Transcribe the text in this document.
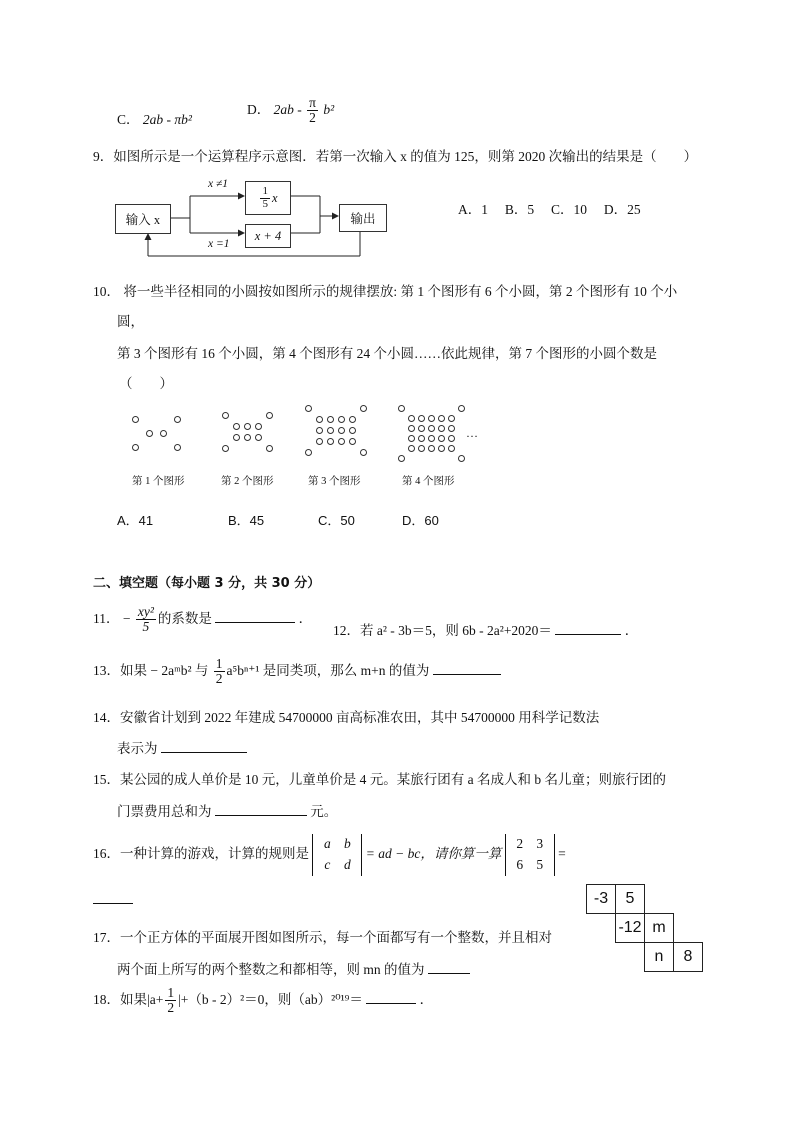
C． 2ab - πb²
D． $2ab - \frac{\pi}{2} b^2$
9．如图所示是一个运算程序示意图．若第一次输入 x 的值为 125，则第 2020 次输出的结果是（　　）
输入 x
x ≠1
$\frac{1}{5}$ x
x =1
x + 4
输出
A．1　 B．5　 C．10　 D．25
10． 将一些半径相同的小圆按如图所示的规律摆放: 第 1 个图形有 6 个小圆，第 2 个图形有 10 个小
圆，
第 3 个图形有 16 个小圆，第 4 个图形有 24 个小圆……依此规律，第 7 个图形的小圆个数是
（　　）
…
第 1 个图形	第 2 个图形	第 3 个图形	第 4 个图形
A．41	B．45	C．50	D．60
二、填空题（每小题 3 分，共 30 分）
11． − $\frac{\text{xy²}}{5}$ 的系数是	．
12．若 a² - 3b＝5，则 6b - 2a²+2020＝	．
13．如果 − 2aᵐb² 与 $\frac{1}{2} a^5b^{n+1}$ 是同类项，那么 m+n 的值为
14．安徽省计划到 2022 年建成 54700000 亩高标准农田，其中 54700000 用科学记数法
表示为
15．某公园的成人单价是 10 元，儿童单价是 4 元。某旅行团有 a 名成人和 b 名儿童；则旅行团的
门票费用总和为	元。
16．一种计算的游戏，计算的规则是 a b
c d = ad − bc，请你算一算 2 3
6 5 =
-3	5
-12 m
n	8
17．一个正方体的平面展开图如图所示，每一个面都写有一个整数，并且相对
两个面上所写的两个整数之和都相等，则 mn 的值为
18．如果$|a+ \frac{1}{2} |+(b - 2)^2=0$，则（ab）²⁰¹⁹＝	．
